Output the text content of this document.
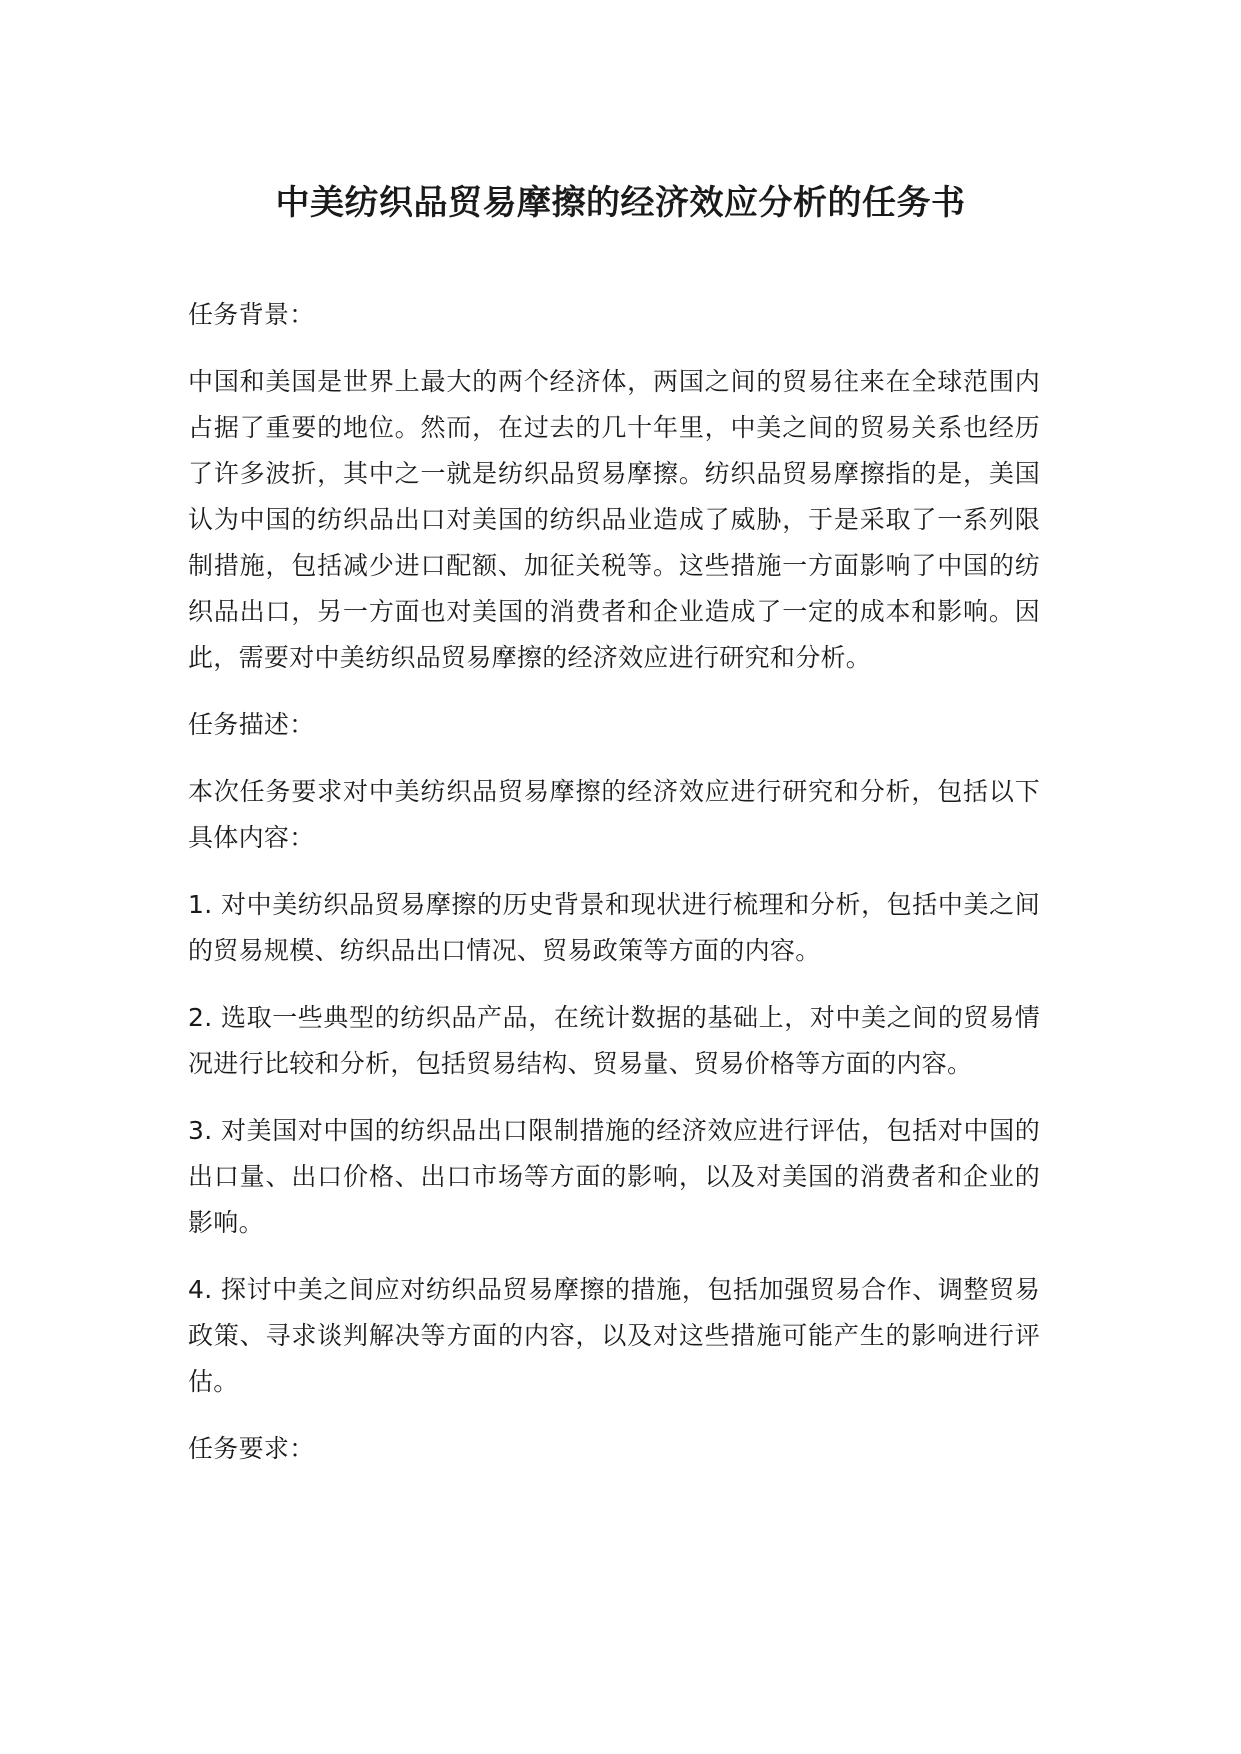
中美纺织品贸易摩擦的经济效应分析的任务书

任务背景：

中国和美国是世界上最大的两个经济体，两国之间的贸易往来在全球范围内占据了重要的地位。然而，在过去的几十年里，中美之间的贸易关系也经历了许多波折，其中之一就是纺织品贸易摩擦。纺织品贸易摩擦指的是，美国认为中国的纺织品出口对美国的纺织品业造成了威胁，于是采取了一系列限制措施，包括减少进口配额、加征关税等。这些措施一方面影响了中国的纺织品出口，另一方面也对美国的消费者和企业造成了一定的成本和影响。因此，需要对中美纺织品贸易摩擦的经济效应进行研究和分析。

任务描述：

本次任务要求对中美纺织品贸易摩擦的经济效应进行研究和分析，包括以下具体内容：

1. 对中美纺织品贸易摩擦的历史背景和现状进行梳理和分析，包括中美之间的贸易规模、纺织品出口情况、贸易政策等方面的内容。

2. 选取一些典型的纺织品产品，在统计数据的基础上，对中美之间的贸易情况进行比较和分析，包括贸易结构、贸易量、贸易价格等方面的内容。

3. 对美国对中国的纺织品出口限制措施的经济效应进行评估，包括对中国的出口量、出口价格、出口市场等方面的影响，以及对美国的消费者和企业的影响。

4. 探讨中美之间应对纺织品贸易摩擦的措施，包括加强贸易合作、调整贸易政策、寻求谈判解决等方面的内容，以及对这些措施可能产生的影响进行评估。

任务要求：
